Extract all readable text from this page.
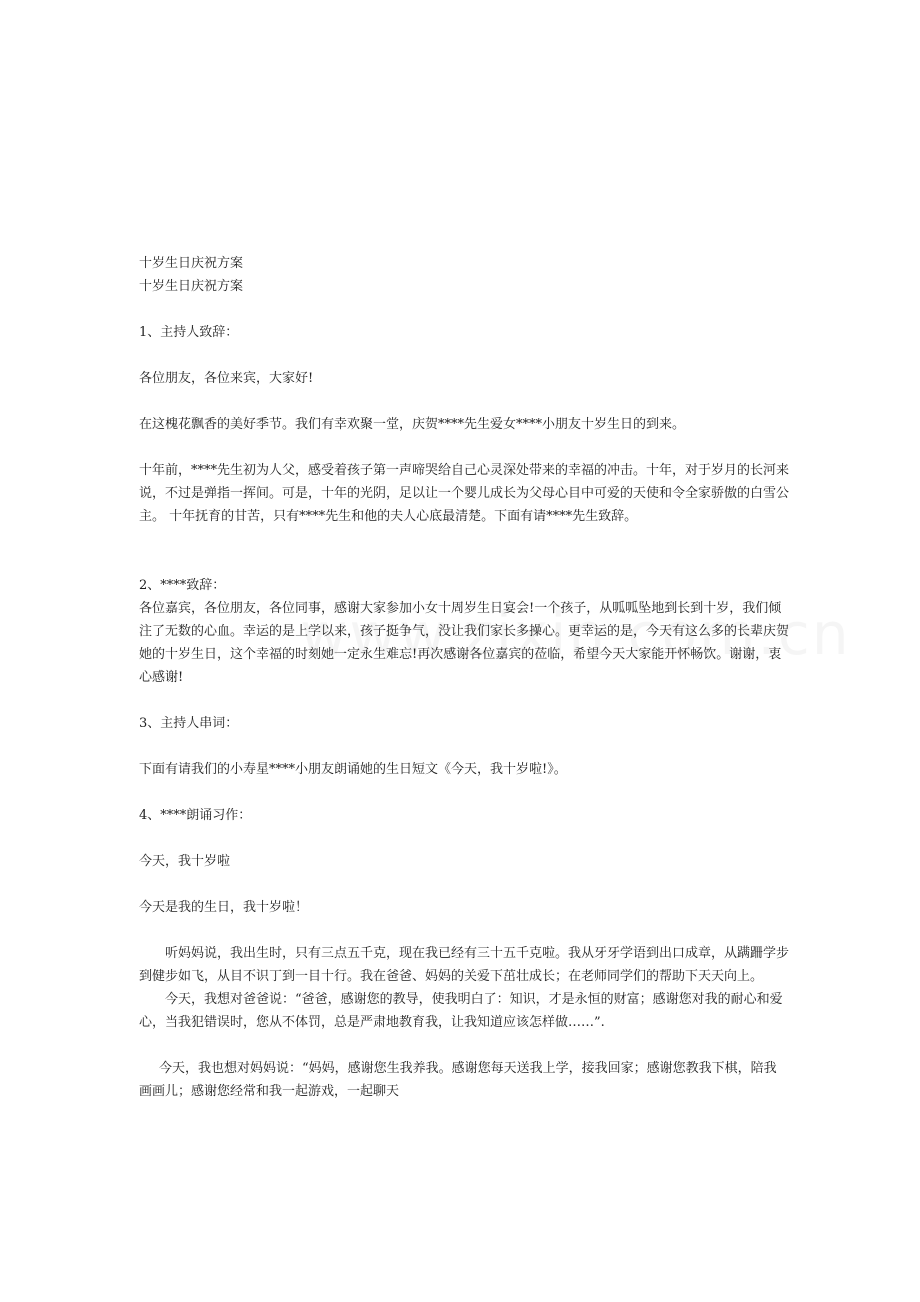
十岁生日庆祝方案

十岁生日庆祝方案

1、主持人致辞：

各位朋友，各位来宾，大家好!

在这槐花飘香的美好季节。我们有幸欢聚一堂，庆贺****先生爱女****小朋友十岁生日的到来。

十年前，****先生初为人父，感受着孩子第一声啼哭给自己心灵深处带来的幸福的冲击。十年，对于岁月的长河来说，不过是弹指一挥间。可是，十年的光阴，足以让一个婴儿成长为父母心目中可爱的天使和令全家骄傲的白雪公主。 十年抚育的甘苦，只有****先生和他的夫人心底最清楚。下面有请****先生致辞。

2、****致辞：

各位嘉宾，各位朋友，各位同事，感谢大家参加小女十周岁生日宴会!一个孩子，从呱呱坠地到长到十岁，我们倾注了无数的心血。幸运的是上学以来，孩子挺争气，没让我们家长多操心。更幸运的是，今天有这么多的长辈庆贺她的十岁生日，这个幸福的时刻她一定永生难忘!再次感谢各位嘉宾的莅临，希望今天大家能开怀畅饮。谢谢，衷心感谢!

3、主持人串词：

下面有请我们的小寿星****小朋友朗诵她的生日短文《今天，我十岁啦!》。

4、****朗诵习作：

今天，我十岁啦

今天是我的生日，我十岁啦！

听妈妈说，我出生时，只有三点五千克，现在我已经有三十五千克啦。我从牙牙学语到出口成章，从蹒跚学步到健步如飞，从目不识丁到一目十行。我在爸爸、妈妈的关爱下茁壮成长；在老师同学们的帮助下天天向上。

今天，我想对爸爸说：“爸爸，感谢您的教导，使我明白了：知识，才是永恒的财富；感谢您对我的耐心和爱心，当我犯错误时，您从不体罚，总是严肃地教育我，让我知道应该怎样做……”.

今天，我也想对妈妈说：“妈妈，感谢您生我养我。感谢您每天送我上学，接我回家；感谢您教我下棋，陪我画画儿；感谢您经常和我一起游戏，一起聊天
